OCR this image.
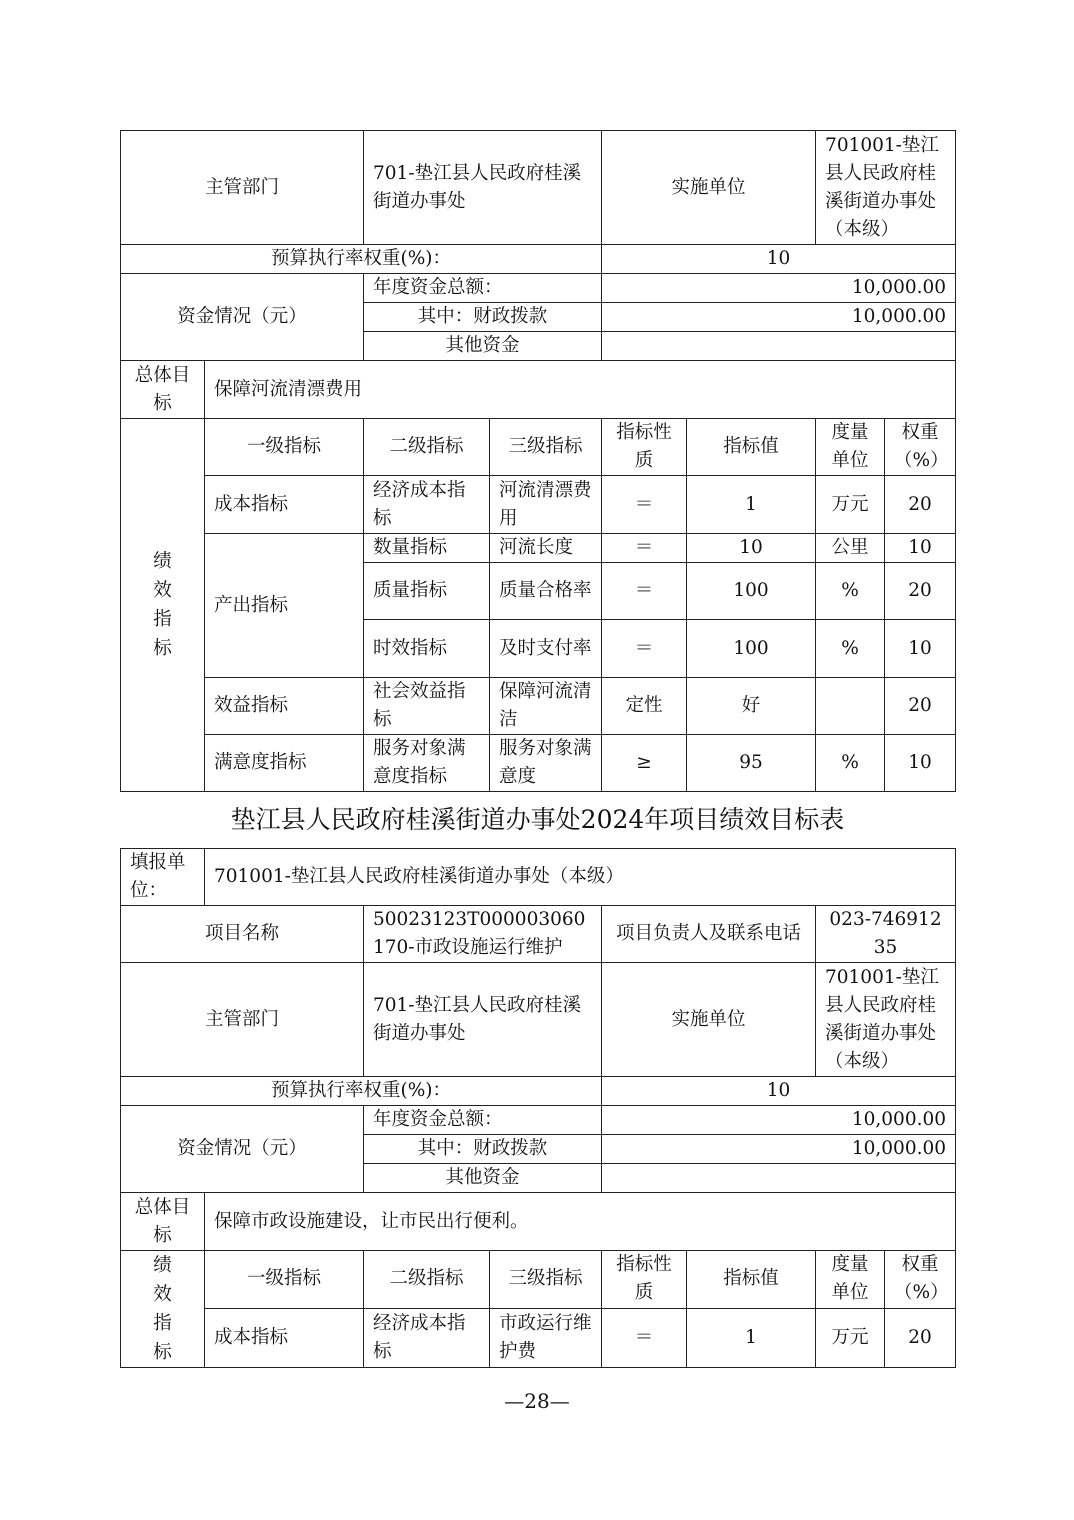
主管部门		701-垫江县人民政府桂溪街道办事处		实施单位		701001-垫江县人民政府桂溪街道办事处（本级）	
预算执行率权重(%)：				10			
资金情况（元）		年度资金总额：		10,000.00			
		其中：财政拨款		10,000.00			
		其他资金					
总体目标	保障河流清漂费用						

绩效指标	一级指标	二级指标	三级指标	指标性质	指标值	度量单位	权重（%）
	成本指标	经济成本指标	河流清漂费用	＝	1	万元	20
	产出指标	数量指标	河流长度	＝	10	公里	10
		质量指标	质量合格率	＝	100	%	20
		时效指标	及时支付率	＝	100	%	10
	效益指标	社会效益指标	保障河流清洁	定性	好		20
	满意度指标	服务对象满意度指标	服务对象满意度	≥	95	%	10
垫江县人民政府桂溪街道办事处2024年项目绩效目标表
填报单位：	701001-垫江县人民政府桂溪街道办事处（本级）						
项目名称		50023123T000003060170-市政设施运行维护		项目负责人及联系电话		023-74691235	
主管部门		701-垫江县人民政府桂溪街道办事处		实施单位		701001-垫江县人民政府桂溪街道办事处（本级）	
预算执行率权重(%)：				10			
资金情况（元）		年度资金总额：		10,000.00			
		其中：财政拨款		10,000.00			
		其他资金					
总体目标	保障市政设施建设，让市民出行便利。						

绩效指标	一级指标	二级指标	三级指标	指标性质	指标值	度量单位	权重（%）
	成本指标	经济成本指标	市政运行维护费	＝	1	万元	20
—28—
